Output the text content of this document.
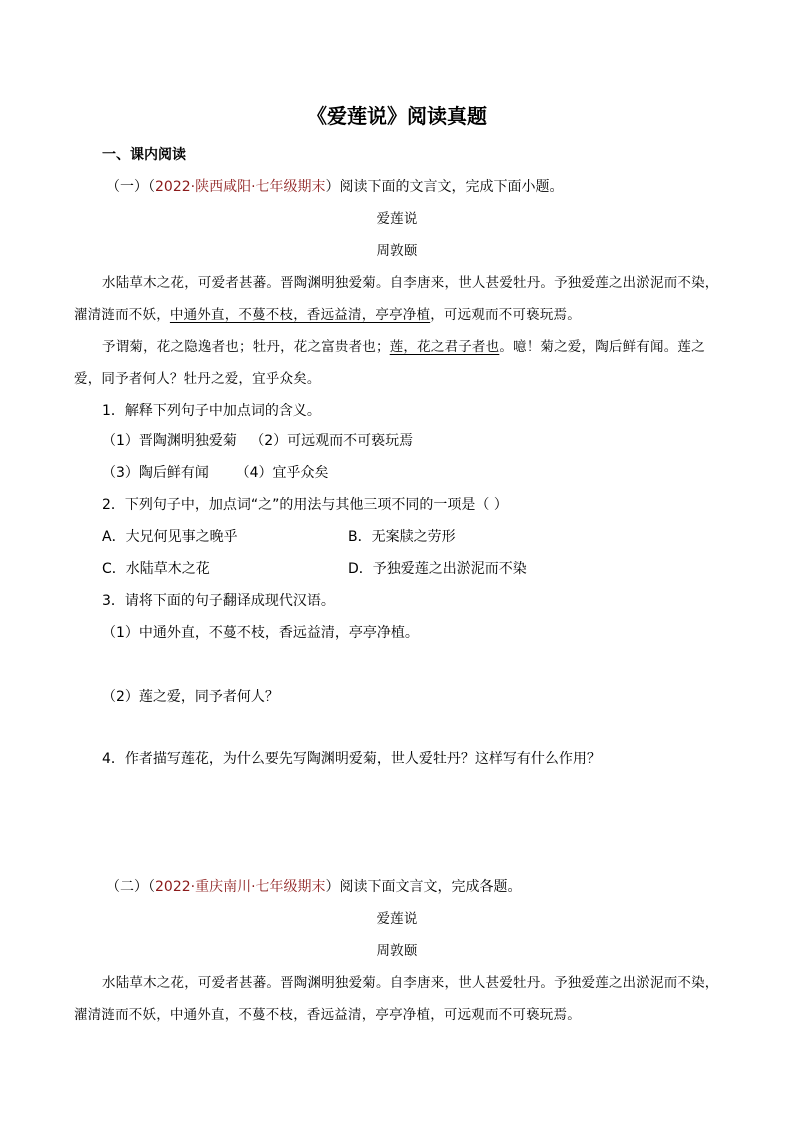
《爱莲说》阅读真题
一、课内阅读
（一）（2022·陕西咸阳·七年级期末）阅读下面的文言文，完成下面小题。
爱莲说
周敦颐
水陆草木之花，可爱者甚蕃。晋陶渊明独爱菊。自李唐来，世人甚爱牡丹。予独爱莲之出淤泥而不染，
濯清涟而不妖，中通外直，不蔓不枝，香远益清，亭亭净植，可远观而不可亵玩焉。
予谓菊，花之隐逸者也；牡丹，花之富贵者也；莲，花之君子者也。噫！菊之爱，陶后鲜有闻。莲之
爱，同予者何人？牡丹之爱，宜乎众矣。
1．解释下列句子中加点词的含义。
（1）晋陶渊明独爱菊   （2）可远观而不可亵玩焉
（3）陶后鲜有闻      （4）宜乎众矣
2．下列句子中，加点词“之”的用法与其他三项不同的一项是（ ）
A．大兄何见事之晚乎	B．无案牍之劳形
C．水陆草木之花	D．予独爱莲之出淤泥而不染
3．请将下面的句子翻译成现代汉语。
（1）中通外直，不蔓不枝，香远益清，亭亭净植。
（2）莲之爱，同予者何人？
4．作者描写莲花，为什么要先写陶渊明爱菊，世人爱牡丹？这样写有什么作用？
（二）（2022·重庆南川·七年级期末）阅读下面文言文，完成各题。
爱莲说
周敦颐
水陆草木之花，可爱者甚蕃。晋陶渊明独爱菊。自李唐来，世人甚爱牡丹。予独爱莲之出淤泥而不染，
濯清涟而不妖，中通外直，不蔓不枝，香远益清，亭亭净植，可远观而不可亵玩焉。
